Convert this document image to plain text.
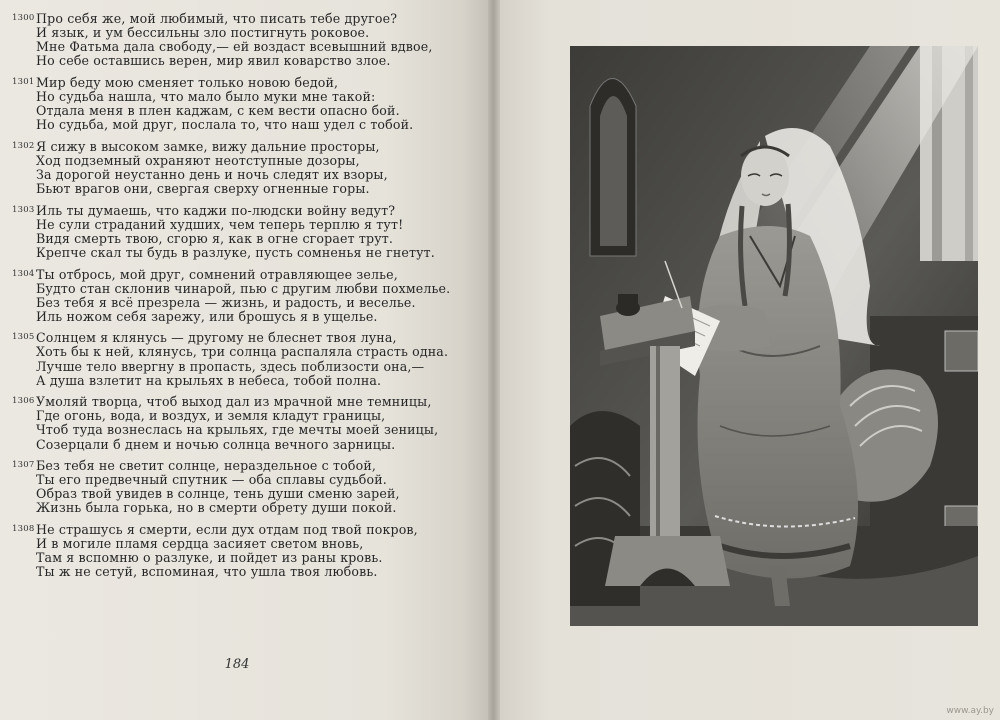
1300 Про себя же, мой любимый, что писать тебе другое?
И язык, и ум бессильны зло постигнуть роковое.
Мне Фатьма дала свободу,— ей воздаст всевышний вдвое,
Но себе оставшись верен, мир явил коварство злое.
1301 Мир беду мою сменяет только новою бедой,
Но судьба нашла, что мало было муки мне такой:
Отдала меня в плен каджам, с кем вести опасно бой.
Но судьба, мой друг, послала то, что наш удел с тобой.
1302 Я сижу в высоком замке, вижу дальние просторы,
Ход подземный охраняют неотступные дозоры,
За дорогой неустанно день и ночь следят их взоры,
Бьют врагов они, свергая сверху огненные горы.
1303 Иль ты думаешь, что каджи по-людски войну ведут?
Не сули страданий худших, чем теперь терплю я тут!
Видя смерть твою, сгорю я, как в огне сгорает трут.
Крепче скал ты будь в разлуке, пусть сомненья не гнетут.
1304 Ты отбрось, мой друг, сомнений отравляющее зелье,
Будто стан склонив чинарой, пью с другим любви похмелье.
Без тебя я всё презрела — жизнь, и радость, и веселье.
Иль ножом себя зарежу, или брошусь я в ущелье.
1305 Солнцем я клянусь — другому не блеснет твоя луна,
Хоть бы к ней, клянусь, три солнца распаляла страсть одна.
Лучше тело ввергну в пропасть, здесь поблизости она,—
А душа взлетит на крыльях в небеса, тобой полна.
1306 Умоляй творца, чтоб выход дал из мрачной мне темницы,
Где огонь, вода, и воздух, и земля кладут границы,
Чтоб туда вознеслась на крыльях, где мечты моей зеницы,
Созерцали б днем и ночью солнца вечного зарницы.
1307 Без тебя не светит солнце, нераздельное с тобой,
Ты его предвечный спутник — оба сплавы судьбой.
Образ твой увидев в солнце, тень души сменю зарей,
Жизнь была горька, но в смерти обрету души покой.
1308 Не страшусь я смерти, если дух отдам под твой покров,
И в могиле пламя сердца засияет светом вновь,
Там я вспомню о разлуке, и пойдет из раны кровь.
Ты ж не сетуй, вспоминая, что ушла твоя любовь.
184
www.ay.by
